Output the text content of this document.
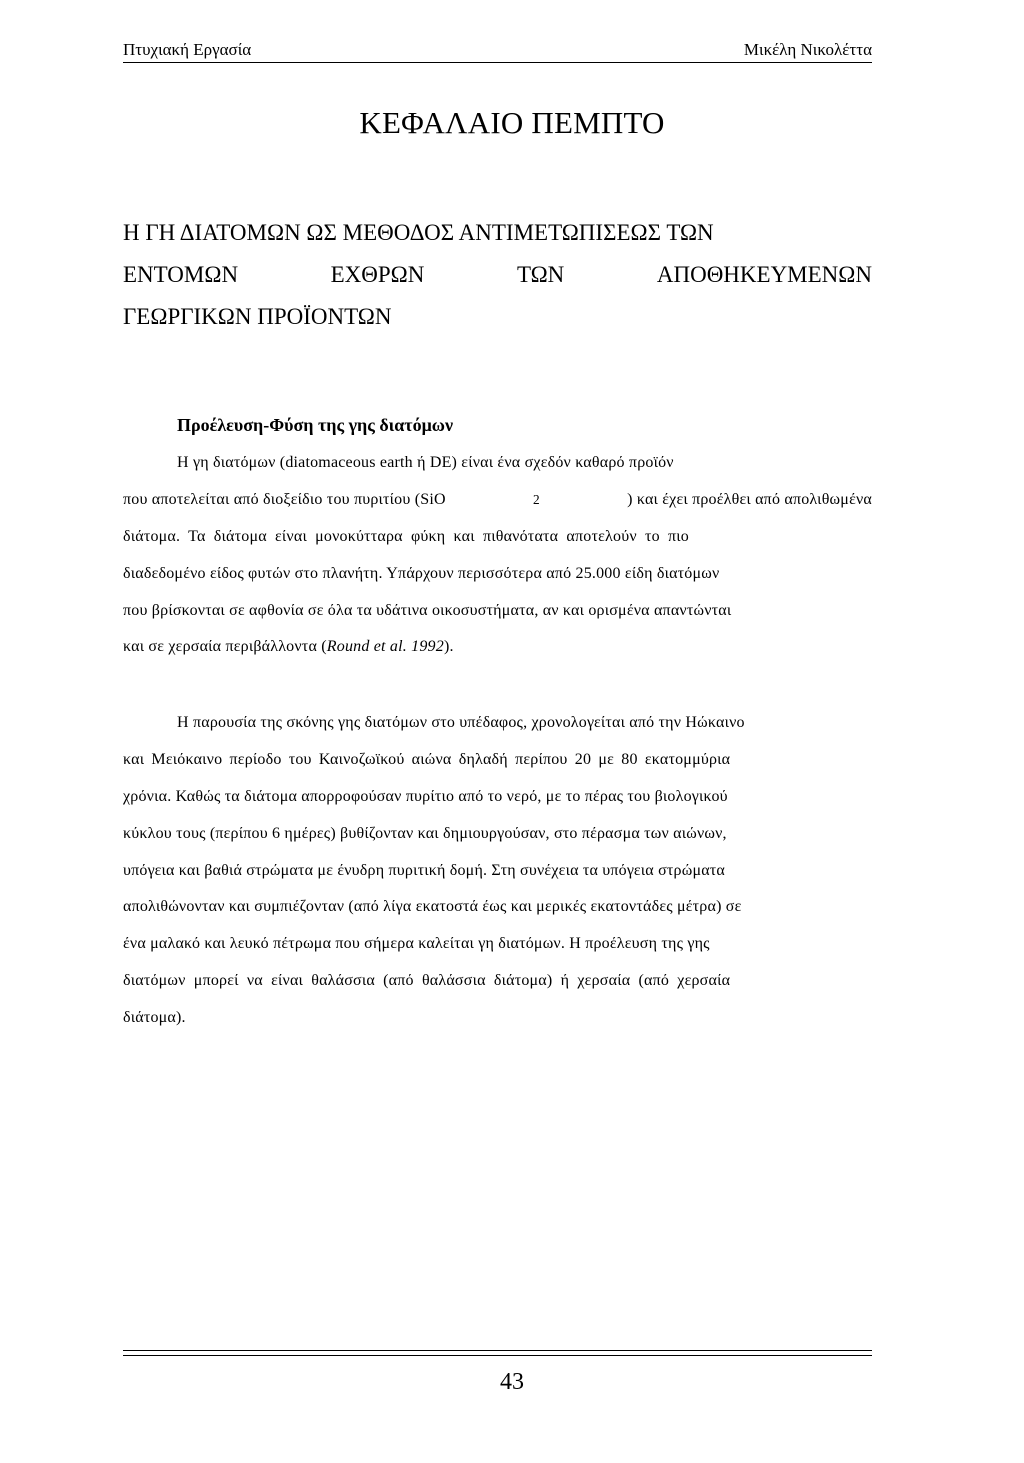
Πτυχιακή Εργασία	Μικέλη Νικολέττα
ΚΕΦΑΛΑΙΟ ΠΕΜΠΤΟ
Η ΓΗ ΔΙΑΤΟΜΩΝ ΩΣ ΜΕΘΟΔΟΣ ΑΝΤΙΜΕΤΩΠΙΣΕΩΣ ΤΩΝ
ΕΝΤΟΜΩΝ	ΕΧΘΡΩΝ	ΤΩΝ	ΑΠΟΘΗΚΕΥΜΕΝΩΝ
ΓΕΩΡΓΙΚΩΝ ΠΡΟΪΟΝΤΩΝ
Προέλευση-Φύση της γης διατόμων
Η γη διατόμων (diatomaceous earth ή DE) είναι ένα σχεδόν καθαρό προϊόν
που αποτελείται από διοξείδιο του πυριτίου (SiO	2	) και έχει προέλθει από απολιθωμένα
διάτομα. Τα διάτομα είναι μονοκύτταρα φύκη και πιθανότατα αποτελούν το πιο
διαδεδομένο είδος φυτών στο πλανήτη. Υπάρχουν περισσότερα από 25.000 είδη διατόμων
που βρίσκονται σε αφθονία σε όλα τα υδάτινα οικοσυστήματα, αν και ορισμένα απαντώνται
και σε χερσαία περιβάλλοντα (Round et al. 1992).
Η παρουσία της σκόνης γης διατόμων στο υπέδαφος, χρονολογείται από την Ηώκαινο
και Μειόκαινο περίοδο του Καινοζωϊκού αιώνα δηλαδή περίπου 20 με 80 εκατομμύρια
χρόνια. Καθώς τα διάτομα απορροφούσαν πυρίτιο από το νερό, με το πέρας του βιολογικού
κύκλου τους (περίπου 6 ημέρες) βυθίζονταν και δημιουργούσαν, στο πέρασμα των αιώνων,
υπόγεια και βαθιά στρώματα με ένυδρη πυριτική δομή. Στη συνέχεια τα υπόγεια στρώματα
απολιθώνονταν και συμπιέζονταν (από λίγα εκατοστά έως και μερικές εκατοντάδες μέτρα) σε
ένα μαλακό και λευκό πέτρωμα που σήμερα καλείται γη διατόμων. Η προέλευση της γης
διατόμων μπορεί να είναι θαλάσσια (από θαλάσσια διάτομα) ή χερσαία (από χερσαία
διάτομα).
43
